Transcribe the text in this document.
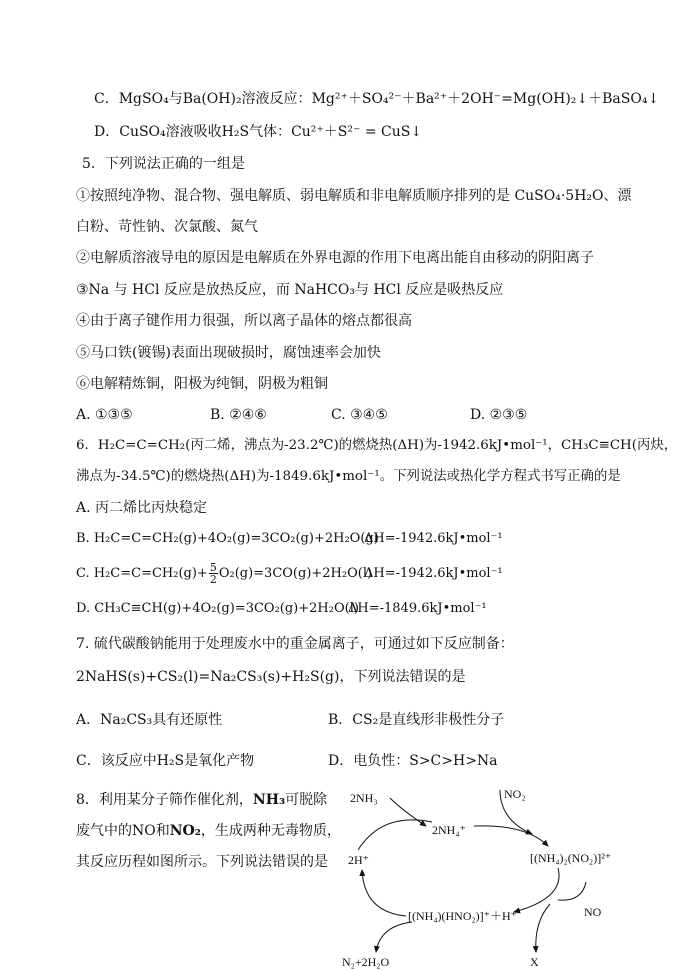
C．MgSO₄与Ba(OH)₂溶液反应：Mg²⁺＋SO₄²⁻＋Ba²⁺＋2OH⁻=Mg(OH)₂↓＋BaSO₄↓
D．CuSO₄溶液吸收H₂S气体：Cu²⁺＋S²⁻ = CuS↓
5．下列说法正确的一组是
①按照纯净物、混合物、强电解质、弱电解质和非电解质顺序排列的是 CuSO₄·5H₂O、漂
白粉、苛性钠、次氯酸、氮气
②电解质溶液导电的原因是电解质在外界电源的作用下电离出能自由移动的阴阳离子
③Na 与 HCl 反应是放热反应，而 NaHCO₃与 HCl 反应是吸热反应
④由于离子键作用力很强，所以离子晶体的熔点都很高
⑤马口铁(镀锡)表面出现破损时，腐蚀速率会加快
⑥电解精炼铜，阳极为纯铜，阴极为粗铜
A. ①③⑤	B. ②④⑥	C. ③④⑤	D. ②③⑤
6．H₂C=C=CH₂(丙二烯，沸点为-23.2℃)的燃烧热(ΔH)为-1942.6kJ•mol⁻¹，CH₃C≡CH(丙炔，
沸点为-34.5℃)的燃烧热(ΔH)为-1849.6kJ•mol⁻¹。下列说法或热化学方程式书写正确的是
A. 丙二烯比丙炔稳定
B. H₂C=C=CH₂(g)+4O₂(g)=3CO₂(g)+2H₂O(g)
ΔH=-1942.6kJ•mol⁻¹
C. $H_2C=C=CH_2(g)+ \frac{5}{2} O_2(g)=3CO(g)+2H_2O(l)$
ΔH=-1942.6kJ•mol⁻¹
D. CH₃C≡CH(g)+4O₂(g)=3CO₂(g)+2H₂O(l)
ΔH=-1849.6kJ•mol⁻¹
7. 硫代碳酸钠能用于处理废水中的重金属离子，可通过如下反应制备：
2NaHS(s)+CS₂(l)=Na₂CS₃(s)+H₂S(g)，下列说法错误的是
A．Na₂CS₃具有还原性	B．CS₂是直线形非极性分子
C．该反应中H₂S是氧化产物	D．电负性：S>C>H>Na
8．利用某分子筛作催化剂，NH₃可脱除
废气中的NO和NO₂，生成两种无毒物质，
其反应历程如图所示。下列说法错误的是
2NH₃	NO₂
2NH₄⁺
2H⁺	[(NH₄)₂(NO₂)]²⁺
NO
[(NH₄)(HNO₂)]⁺＋H⁺
N₂+2H₂O	X
